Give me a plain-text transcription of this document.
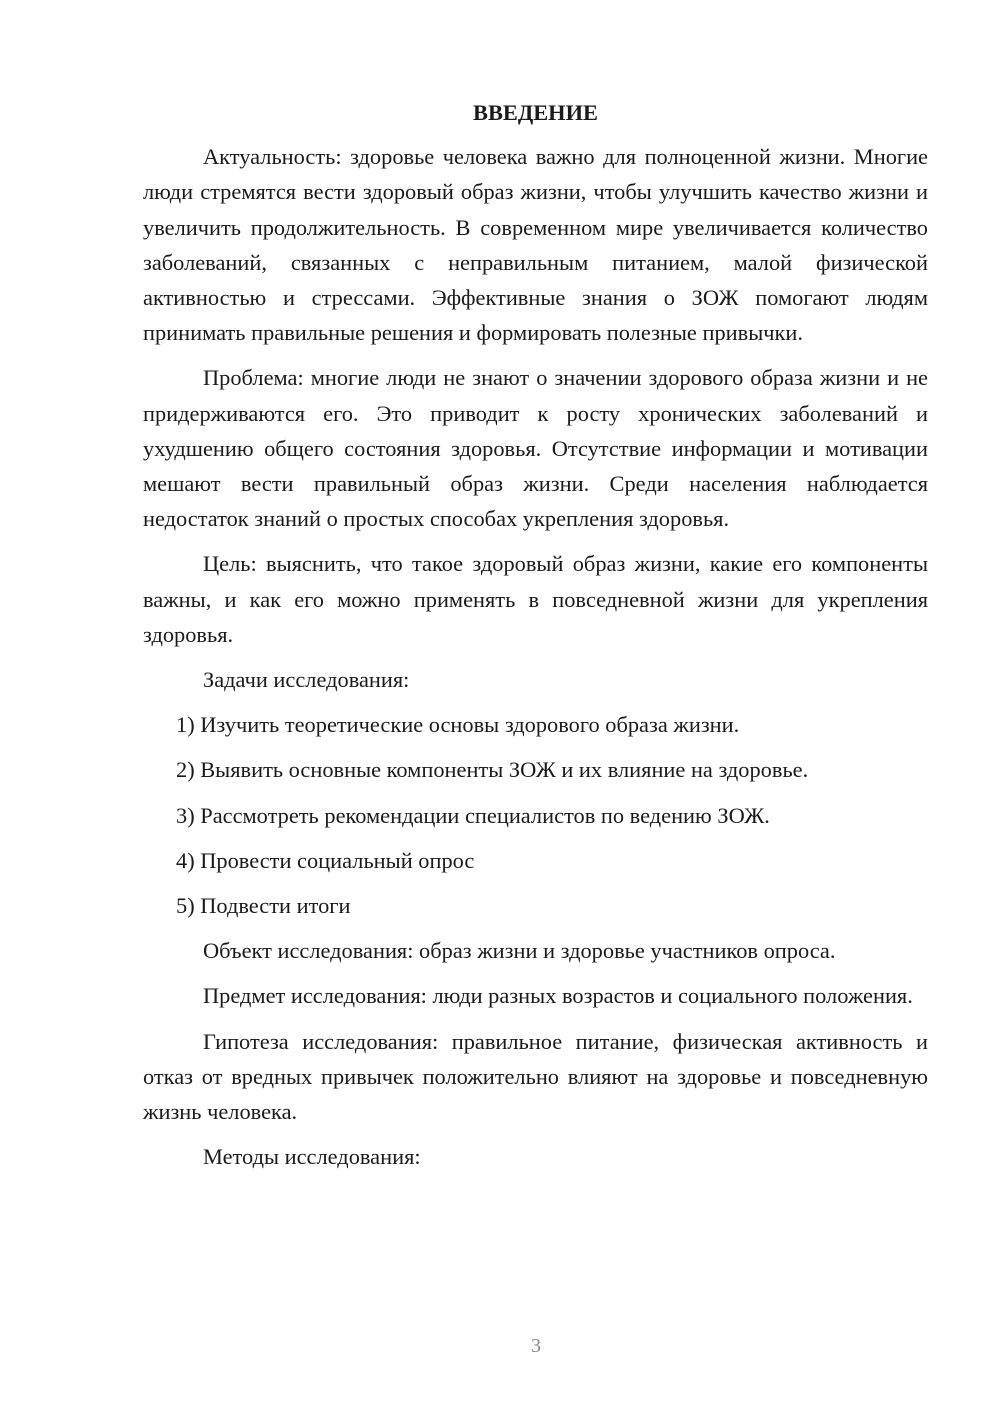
ВВЕДЕНИЕ

Актуальность: здоровье человека важно для полноценной жизни. Многие люди стремятся вести здоровый образ жизни, чтобы улучшить качество жизни и увеличить продолжительность. В современном мире увеличивается количество заболеваний, связанных с неправильным питанием, малой физической активностью и стрессами. Эффективные знания о ЗОЖ помогают людям принимать правильные решения и формировать полезные привычки.

Проблема: многие люди не знают о значении здорового образа жизни и не придерживаются его. Это приводит к росту хронических заболеваний и ухудшению общего состояния здоровья. Отсутствие информации и мотивации мешают вести правильный образ жизни. Среди населения наблюдается недостаток знаний о простых способах укрепления здоровья.

Цель: выяснить, что такое здоровый образ жизни, какие его компоненты важны, и как его можно применять в повседневной жизни для укрепления здоровья.

Задачи исследования:

1) Изучить теоретические основы здорового образа жизни.
2) Выявить основные компоненты ЗОЖ и их влияние на здоровье.
3) Рассмотреть рекомендации специалистов по ведению ЗОЖ.
4) Провести социальный опрос
5) Подвести итоги

Объект исследования: образ жизни и здоровье участников опроса.

Предмет исследования: люди разных возрастов и социального положения.

Гипотеза исследования: правильное питание, физическая активность и отказ от вредных привычек положительно влияют на здоровье и повседневную жизнь человека.

Методы исследования:

3
